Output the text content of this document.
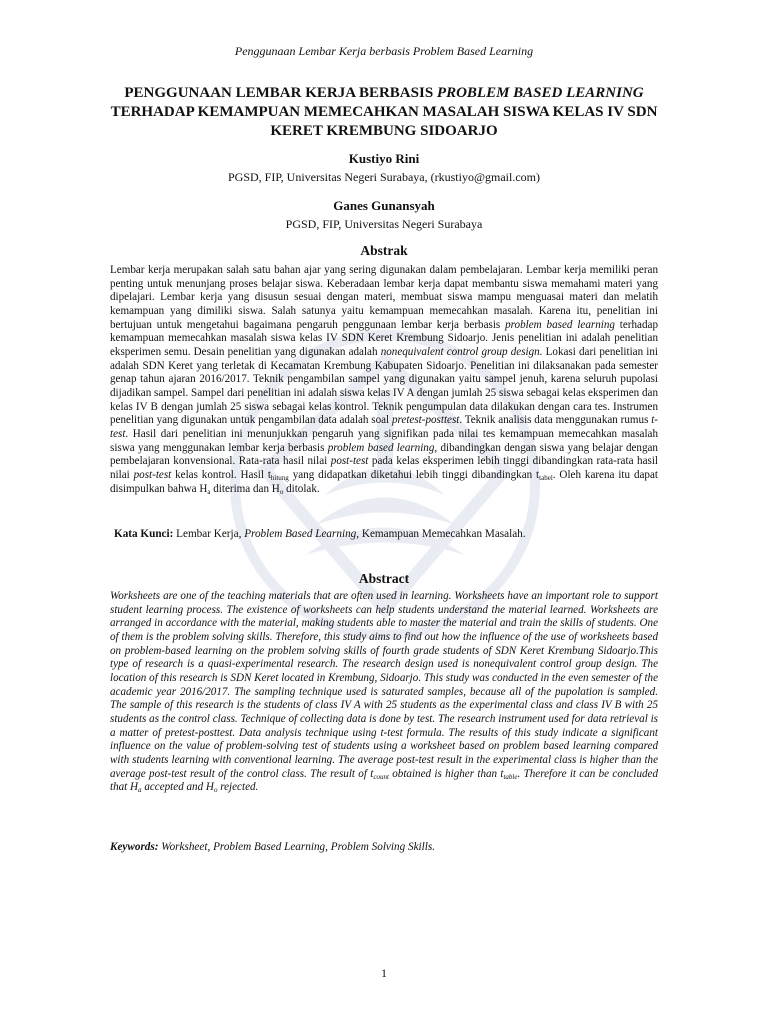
Penggunaan Lembar Kerja berbasis Problem Based Learning
PENGGUNAAN LEMBAR KERJA BERBASIS PROBLEM BASED LEARNING
TERHADAP KEMAMPUAN MEMECAHKAN MASALAH SISWA KELAS IV SDN KERET KREMBUNG SIDOARJO
Kustiyo Rini
PGSD, FIP, Universitas Negeri Surabaya, (rkustiyo@gmail.com)
Ganes Gunansyah
PGSD, FIP, Universitas Negeri Surabaya
Abstrak

Lembar kerja merupakan salah satu bahan ajar yang sering digunakan dalam pembelajaran. Lembar kerja memiliki peran penting untuk menunjang proses belajar siswa. Keberadaan lembar kerja dapat membantu siswa memahami materi yang dipelajari. Lembar kerja yang disusun sesuai dengan materi, membuat siswa mampu menguasai materi dan melatih kemampuan yang dimiliki siswa. Salah satunya yaitu kemampuan memecahkan masalah. Karena itu, penelitian ini bertujuan untuk mengetahui bagaimana pengaruh penggunaan lembar kerja berbasis problem based learning terhadap kemampuan memecahkan masalah siswa kelas IV SDN Keret Krembung Sidoarjo. Jenis penelitian ini adalah penelitian eksperimen semu. Desain penelitian yang digunakan adalah nonequivalent control group design. Lokasi dari penelitian ini adalah SDN Keret yang terletak di Kecamatan Krembung Kabupaten Sidoarjo. Penelitian ini dilaksanakan pada semester genap tahun ajaran 2016/2017. Teknik pengambilan sampel yang digunakan yaitu sampel jenuh, karena seluruh pupolasi dijadikan sampel. Sampel dari penelitian ini adalah siswa kelas IV A dengan jumlah 25 siswa sebagai kelas eksperimen dan kelas IV B dengan jumlah 25 siswa sebagai kelas kontrol. Teknik pengumpulan data dilakukan dengan cara tes. Instrumen penelitian yang digunakan untuk pengambilan data adalah soal pretest-posttest. Teknik analisis data menggunakan rumus t-test. Hasil dari penelitian ini menunjukkan pengaruh yang signifikan pada nilai tes kemampuan memecahkan masalah siswa yang menggunakan lembar kerja berbasis problem based learning, dibandingkan dengan siswa yang belajar dengan pembelajaran konvensional. Rata-rata hasil nilai post-test pada kelas eksperimen lebih tinggi dibandingkan rata-rata hasil nilai post-test kelas kontrol. Hasil $t_{hitung}$ yang didapatkan diketahui lebih tinggi dibandingkan $t_{tabel}$. Oleh karena itu dapat disimpulkan bahwa $H_a$ diterima dan $H_o$ ditolak.

Kata Kunci: Lembar Kerja, Problem Based Learning, Kemampuan Memecahkan Masalah.

Abstract

Worksheets are one of the teaching materials that are often used in learning. Worksheets have an important role to support student learning process. The existence of worksheets can help students understand the material learned. Worksheets are arranged in accordance with the material, making students able to master the material and train the skills of students. One of them is the problem solving skills. Therefore, this study aims to find out how the influence of the use of worksheets based on problem-based learning on the problem solving skills of fourth grade students of SDN Keret Krembung Sidoarjo.This type of research is a quasi-experimental research. The research design used is nonequivalent control group design. The location of this research is SDN Keret located in Krembung, Sidoarjo. This study was conducted in the even semester of the academic year 2016/2017. The sampling technique used is saturated samples, because all of the pupolation is sampled. The sample of this research is the students of class IV A with 25 students as the experimental class and class IV B with 25 students as the control class. Technique of collecting data is done by test. The research instrument used for data retrieval is a matter of pretest-posttest. Data analysis technique using t-test formula. The results of this study indicate a significant influence on the value of problem-solving test of students using a worksheet based on problem based learning compared with students learning with conventional learning. The average post-test result in the experimental class is higher than the average post-test result of the control class. The result of $t_{count}$ obtained is higher than $t_{table}$. Therefore it can be concluded that $H_a$ accepted and $H_o$ rejected.

Keywords: Worksheet, Problem Based Learning, Problem Solving Skills.

1
